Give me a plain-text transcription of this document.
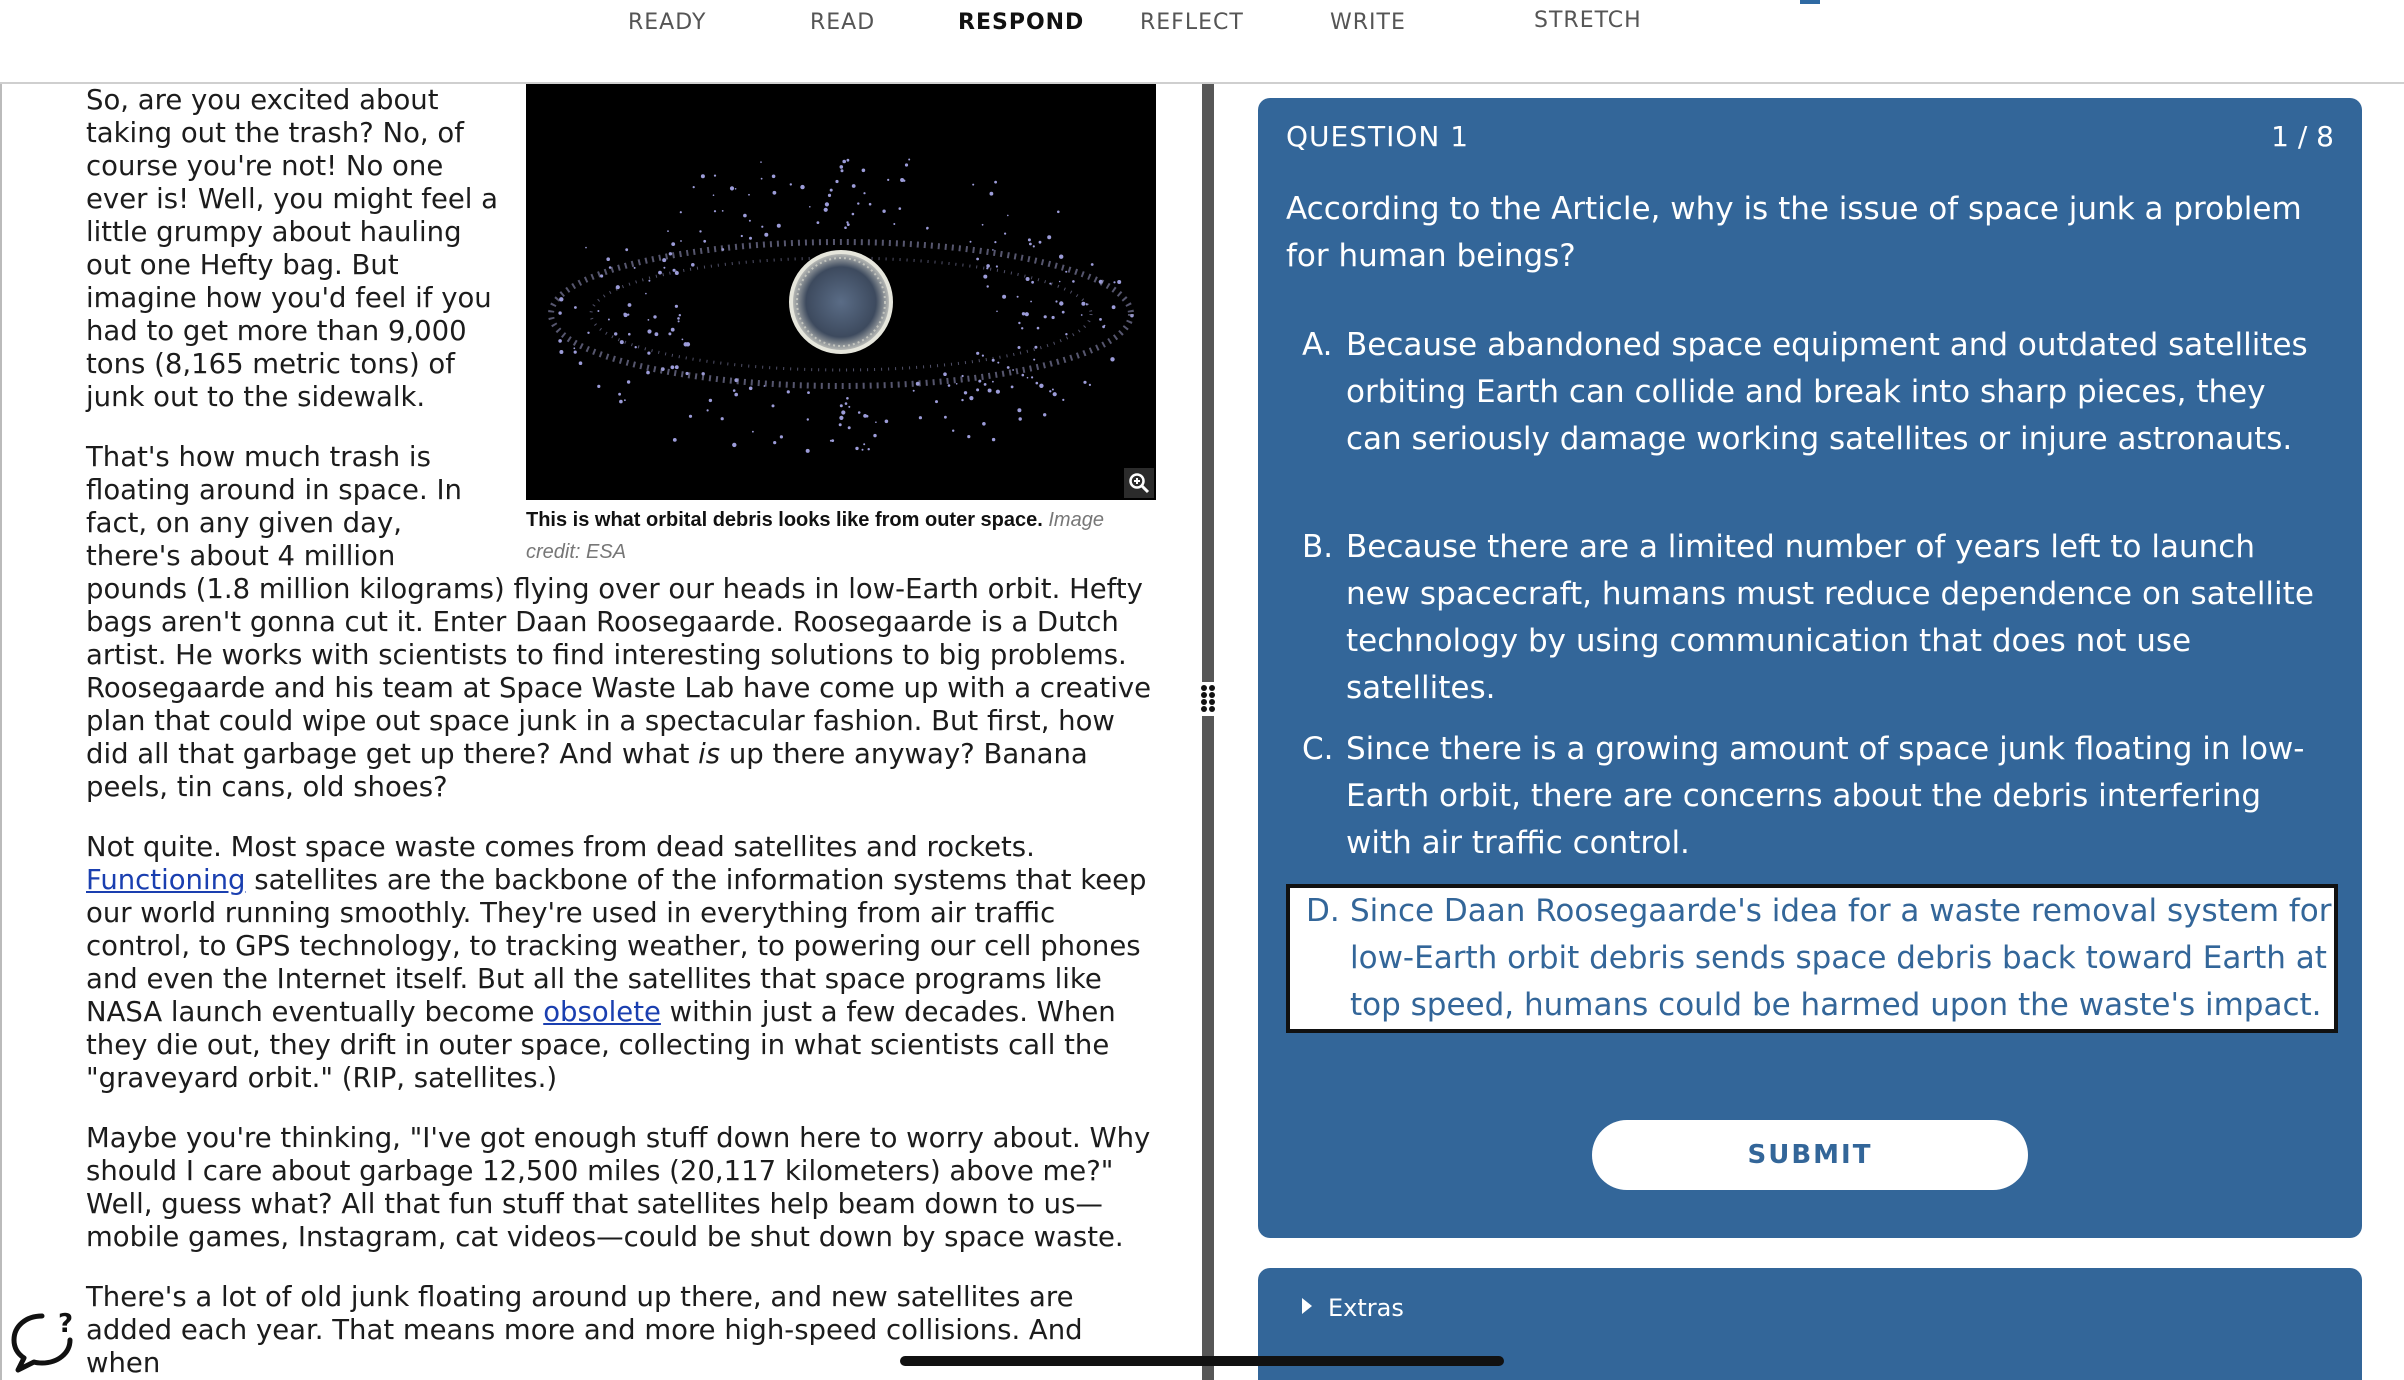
READY	READ	RESPOND	REFLECT	WRITE	STRETCH
This is what orbital debris looks like from outer space. Image credit: ESA

So, are you excited about taking out the trash? No, of course you're not! No one ever is! Well, you might feel a little grumpy about hauling out one Hefty bag. But imagine how you'd feel if you had to get more than 9,000 tons (8,165 metric tons) of junk out to the sidewalk.

That's how much trash is floating around in space. In fact, on any given day, there's about 4 million pounds (1.8 million kilograms) flying over our heads in low-Earth orbit. Hefty bags aren't gonna cut it. Enter Daan Roosegaarde. Roosegaarde is a Dutch artist. He works with scientists to find interesting solutions to big problems. Roosegaarde and his team at Space Waste Lab have come up with a creative plan that could wipe out space junk in a spectacular fashion. But first, how did all that garbage get up there? And what is up there anyway? Banana peels, tin cans, old shoes?

Not quite. Most space waste comes from dead satellites and rockets.
Functioning satellites are the backbone of the information systems that keep our world running smoothly. They're used in everything from air traffic control, to GPS technology, to tracking weather, to powering our cell phones and even the Internet itself. But all the satellites that space programs like NASA launch eventually become obsolete within just a few decades. When they die out, they drift in outer space, collecting in what scientists call the "graveyard orbit." (RIP, satellites.)

Maybe you're thinking, "I've got enough stuff down here to worry about. Why should I care about garbage 12,500 miles (20,117 kilometers) above me?" Well, guess what? All that fun stuff that satellites help beam down to us—mobile games, Instagram, cat videos—could be shut down by space waste.

There's a lot of old junk floating around up there, and new satellites are added each year. That means more and more high-speed collisions. And when

QUESTION 1	1 / 8
According to the Article, why is the issue of space junk a problem for human beings?
A. Because abandoned space equipment and outdated satellites orbiting Earth can collide and break into sharp pieces, they can seriously damage working satellites or injure astronauts.
B. Because there are a limited number of years left to launch new spacecraft, humans must reduce dependence on satellite technology by using communication that does not use satellites.
C. Since there is a growing amount of space junk floating in low-Earth orbit, there are concerns about the debris interfering with air traffic control.
D. Since Daan Roosegaarde's idea for a waste removal system for low-Earth orbit debris sends space debris back toward Earth at top speed, humans could be harmed upon the waste's impact.
SUBMIT
Extras
?
